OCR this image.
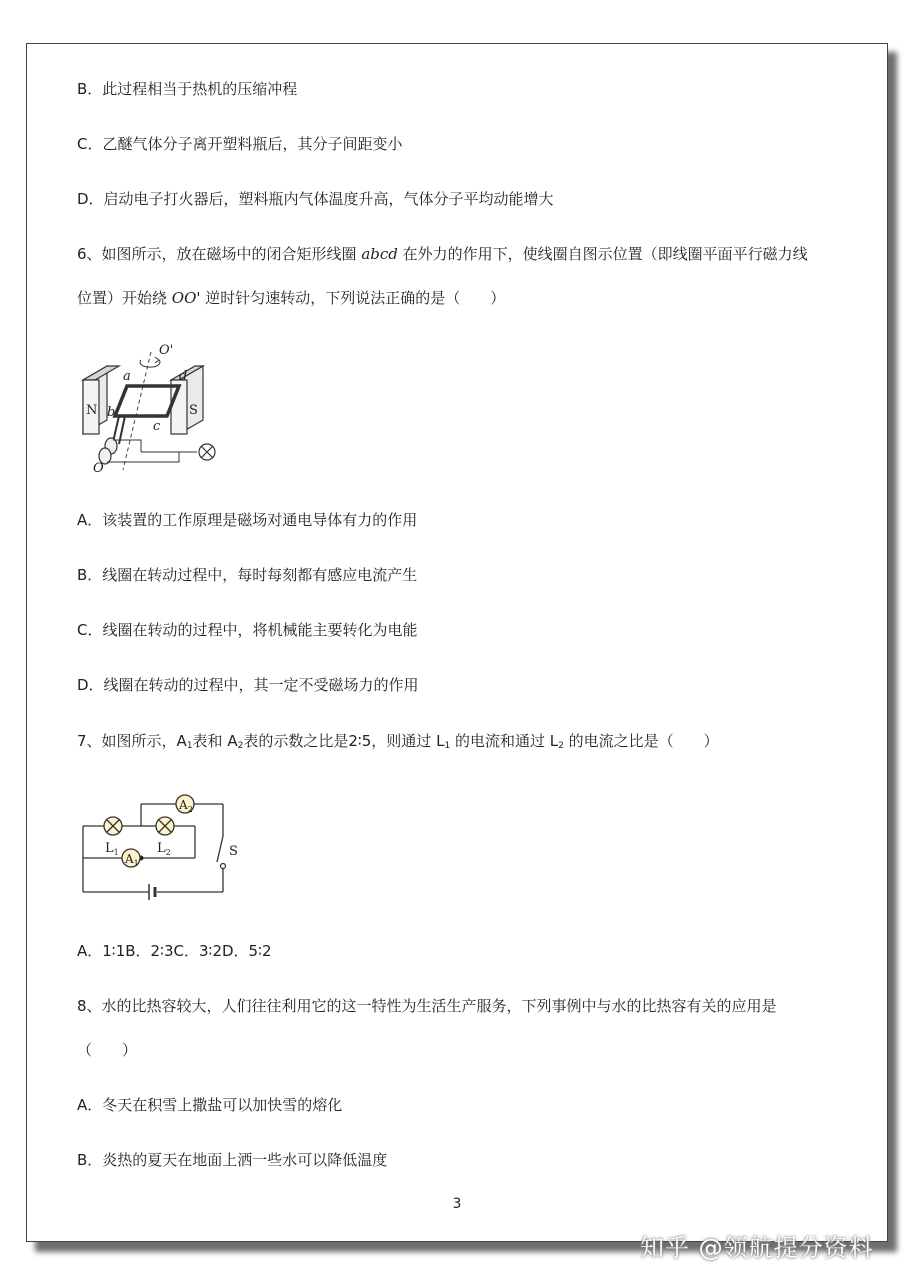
B．此过程相当于热机的压缩冲程
C．乙醚气体分子离开塑料瓶后，其分子间距变小
D．启动电子打火器后，塑料瓶内气体温度升高，气体分子平均动能增大
6、如图所示，放在磁场中的闭合矩形线圈 abcd 在外力的作用下，使线圈自图示位置（即线圈平面平行磁力线
位置）开始绕 OO' 逆时针匀速转动，下列说法正确的是（　　）
N	S
a	d
b
c
O'
O
A．该装置的工作原理是磁场对通电导体有力的作用
B．线圈在转动过程中，每时每刻都有感应电流产生
C．线圈在转动的过程中，将机械能主要转化为电能
D．线圈在转动的过程中，其一定不受磁场力的作用
7、如图所示，$A_1$表和 $A_2$表的示数之比是2∶5，则通过 $L_1$ 的电流和通过 $L_2$ 的电流之比是（　　）
$A_2$
$A_1$
$L_1$	$L_2$	S
A．1∶1B．2∶3C．3∶2D．5∶2
8、水的比热容较大，人们往往利用它的这一特性为生活生产服务，下列事例中与水的比热容有关的应用是
（　　）
A．冬天在积雪上撒盐可以加快雪的熔化
B．炎热的夏天在地面上洒一些水可以降低温度
3
知乎 @领航提分资料
